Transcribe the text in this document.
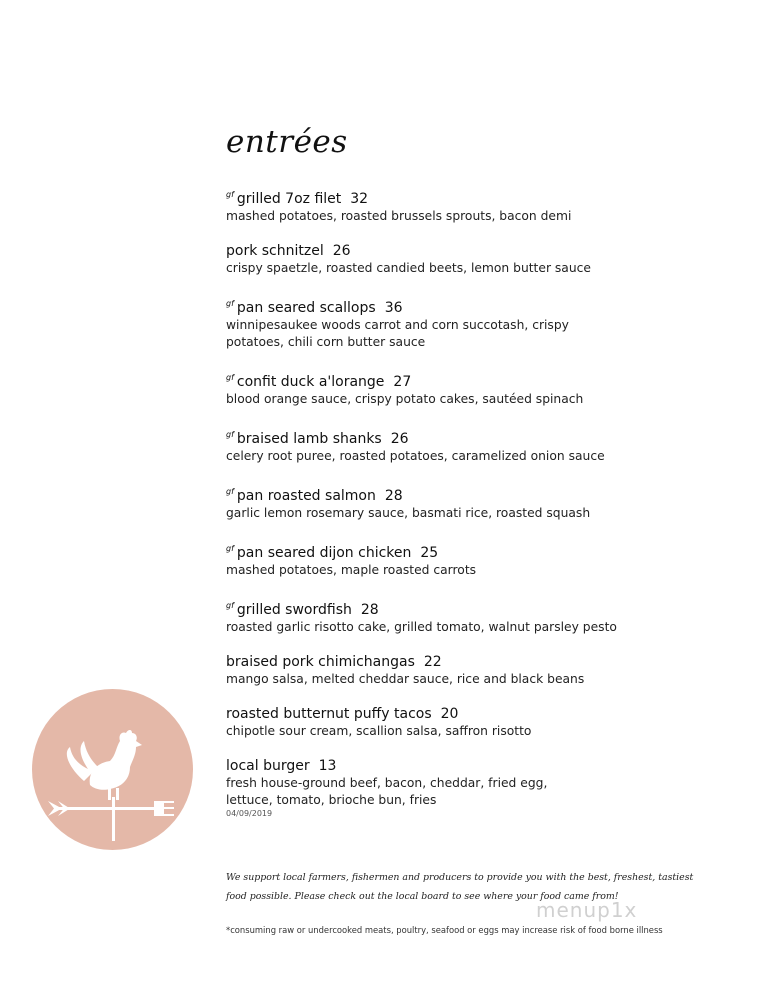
entrées
$^{gf}$ grilled 7oz filet 32
mashed potatoes, roasted brussels sprouts, bacon demi
pork schnitzel 26
crispy spaetzle, roasted candied beets, lemon butter sauce
$^{gf}$ pan seared scallops 36
winnipesaukee woods carrot and corn succotash, crispy potatoes, chili corn butter sauce
$^{gf}$ confit duck a'lorange 27
blood orange sauce, crispy potato cakes, sautéed spinach
$^{gf}$ braised lamb shanks 26
celery root puree, roasted potatoes, caramelized onion sauce
$^{gf}$ pan roasted salmon 28
garlic lemon rosemary sauce, basmati rice, roasted squash
$^{gf}$ pan seared dijon chicken 25
mashed potatoes, maple roasted carrots
$^{gf}$ grilled swordfish 28
roasted garlic risotto cake, grilled tomato, walnut parsley pesto
braised pork chimichangas 22
mango salsa, melted cheddar sauce, rice and black beans
roasted butternut puffy tacos 20
chipotle sour cream, scallion salsa, saffron risotto
local burger 13
fresh house-ground beef, bacon, cheddar, fried egg, lettuce, tomato, brioche bun, fries
04/09/2019
We support local farmers, fishermen and producers to provide you with the best, freshest, tastiest food possible. Please check out the local board to see where your food came from!
menup1x
*consuming raw or undercooked meats, poultry, seafood or eggs may increase risk of food borne illness
